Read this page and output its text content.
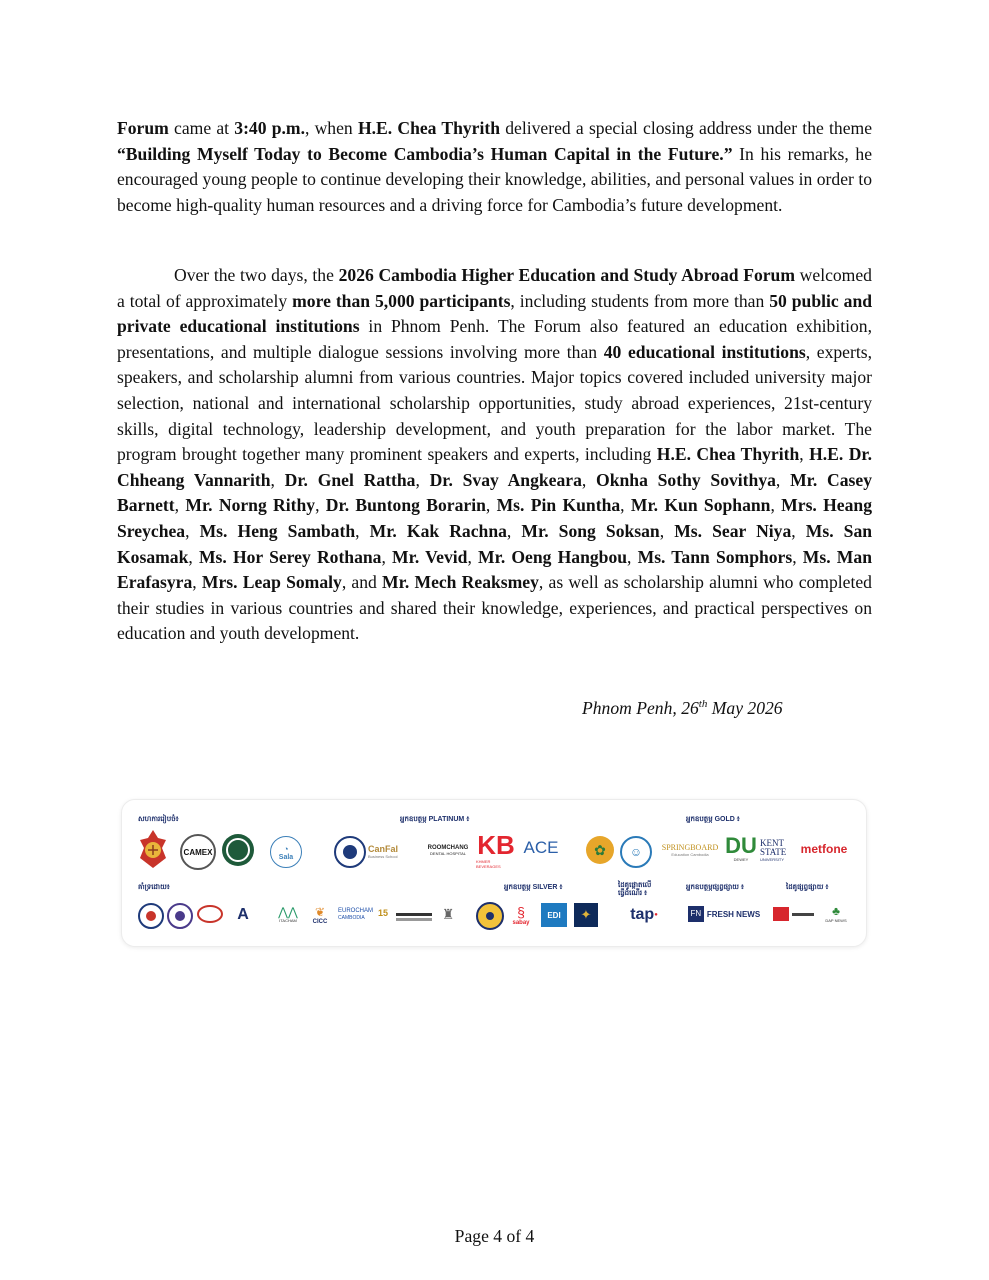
Forum came at 3:40 p.m., when H.E. Chea Thyrith delivered a special closing address under the theme “Building Myself Today to Become Cambodia’s Human Capital in the Future.” In his remarks, he encouraged young people to continue developing their knowledge, abilities, and personal values in order to become high-quality human resources and a driving force for Cambodia’s future development.

Over the two days, the 2026 Cambodia Higher Education and Study Abroad Forum welcomed a total of approximately more than 5,000 participants, including students from more than 50 public and private educational institutions in Phnom Penh. The Forum also featured an education exhibition, presentations, and multiple dialogue sessions involving more than 40 educational institutions, experts, speakers, and scholarship alumni from various countries. Major topics covered included university major selection, national and international scholarship opportunities, study abroad experiences, 21st-century skills, digital technology, leadership development, and youth preparation for the labor market. The program brought together many prominent speakers and experts, including H.E. Chea Thyrith, H.E. Dr. Chheang Vannarith, Dr. Gnel Rattha, Dr. Svay Angkeara, Oknha Sothy Sovithya, Mr. Casey Barnett, Mr. Norng Rithy, Dr. Buntong Borarin, Ms. Pin Kuntha, Mr. Kun Sophann, Mrs. Heang Sreychea, Ms. Heng Sambath, Mr. Kak Rachna, Mr. Song Soksan, Ms. Sear Niya, Ms. San Kosamak, Ms. Hor Serey Rothana, Mr. Vevid, Mr. Oeng Hangbou, Ms. Tann Somphors, Ms. Man Erafasyra, Mrs. Leap Somaly, and Mr. Mech Reaksmey, as well as scholarship alumni who completed their studies in various countries and shared their knowledge, experiences, and practical perspectives on education and youth development.

Phnom Penh, 26th May 2026
សហការរៀបចំ៖	អ្នកឧបត្ថម្ភ PLATINUM ៖	អ្នកឧបត្ថម្ភ GOLD ៖
CAMEX	◔
Sala
CanFal
Business School
ROOMCHANG
DENTAL HOSPITAL KB
KHMER BEVERAGES
ACE	✿ ☺ SPRINGBOARD
Education Cambodia DU
DEWEY
KENT
STATE
UNIVERSITY
metfone
គាំទ្រដោយ៖	អ្នកឧបត្ថម្ភ SILVER ៖	ដៃគូផ្តោតលើ
ធ្វើដំណើរ ៖
អ្នកឧបត្ថម្ភផ្សព្វផ្សាយ ៖	ដៃគូផ្សព្វផ្សាយ ៖
A ⋀⋀
ITACHAM
❦
CICC
EUROCHAM
CAMBODIA 15	♜	§
sabay
EDI ✦ tap ●	FN FRESH NEWS	♣
DAP NEWS
Page 4 of 4
